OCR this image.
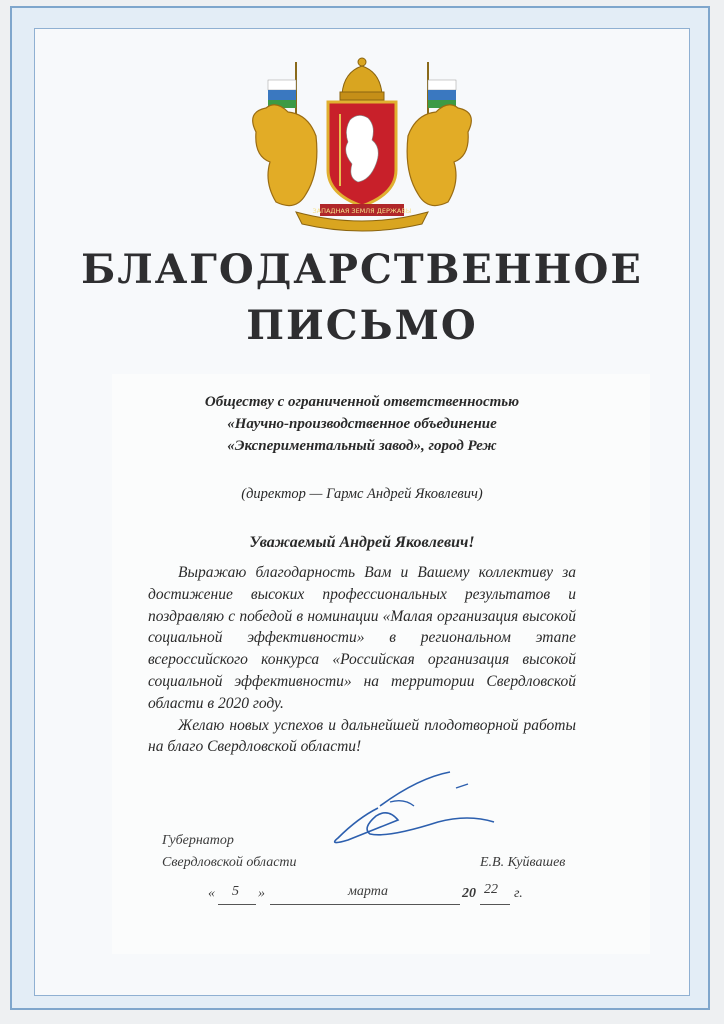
ЗАПАДНАЯ ЗЕМЛЯ ДЕРЖАВЫ
БЛАГОДАРСТВЕННОЕ
ПИСЬМО
Обществу с ограниченной ответственностью
«Научно-производственное объединение
«Экспериментальный завод», город Реж
(директор — Гармс Андрей Яковлевич)
Уважаемый Андрей Яковлевич!

Выражаю благодарность Вам и Вашему коллективу за достижение высоких профессиональных результатов и поздравляю с победой в номинации «Малая организация высокой социальной эффективности» в региональном этапе всероссийского конкурса «Российская организация высокой социальной эффективности» на территории Свердловской области в 2020 году.

Желаю новых успехов и дальнейшей плодотворной работы на благо Свердловской области!

Губернатор
Свердловской области	Е.В. Куйвашев
« 5 »	марта	20 22 г.
